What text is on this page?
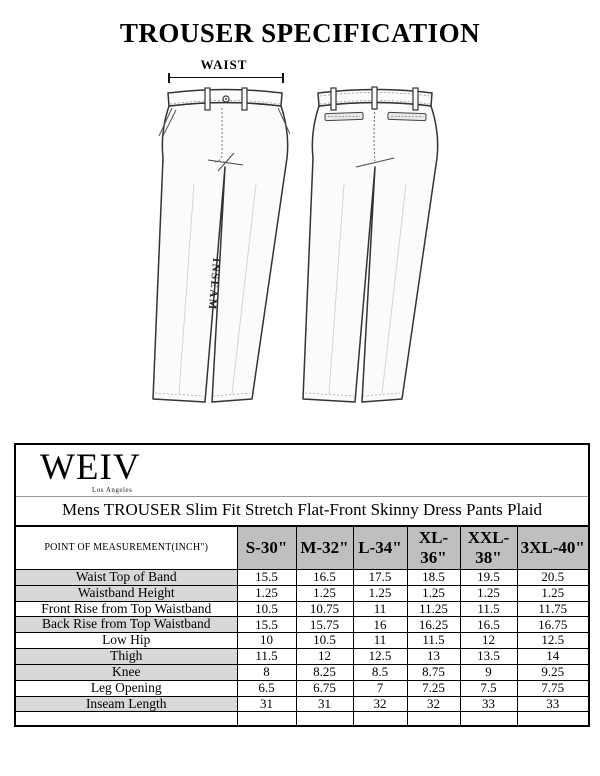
TROUSER SPECIFICATION
WAIST
INSEAM
WEIV
Los Angeles						

Mens TROUSER Slim Fit Stretch Flat-Front Skinny Dress Pants Plaid						
POINT OF MEASUREMENT(INCH")	S-30"	M-32"	L-34"	XL-36"	XXL-38"	3XL-40"
Waist Top of Band	15.5	16.5	17.5	18.5	19.5	20.5
Waistband Height	1.25	1.25	1.25	1.25	1.25	1.25
Front Rise from Top Waistband	10.5	10.75	11	11.25	11.5	11.75
Back Rise from Top Waistband	15.5	15.75	16	16.25	16.5	16.75
Low Hip	10	10.5	11	11.5	12	12.5
Thigh	11.5	12	12.5	13	13.5	14
Knee	8	8.25	8.5	8.75	9	9.25
Leg Opening	6.5	6.75	7	7.25	7.5	7.75
Inseam Length	31	31	32	32	33	33
